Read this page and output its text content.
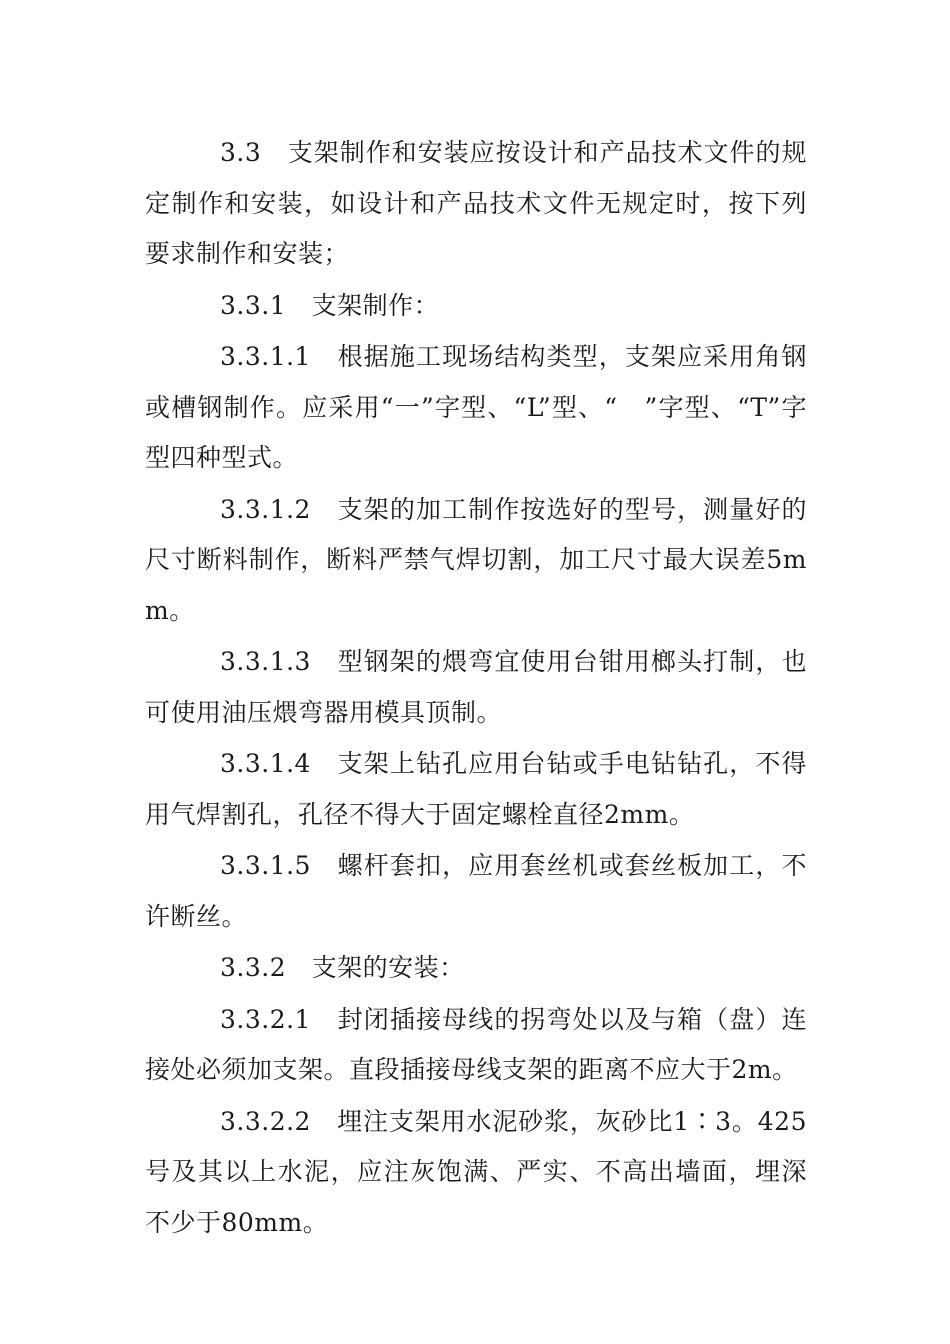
3.3　支架制作和安装应按设计和产品技术文件的规定制作和安装，如设计和产品技术文件无规定时，按下列要求制作和安装；

3.3.1　支架制作：

3.3.1.1　根据施工现场结构类型，支架应采用角钢或槽钢制作。应采用“一”字型、“L”型、“　”字型、“T”字型四种型式。

3.3.1.2　支架的加工制作按选好的型号，测量好的尺寸断料制作，断料严禁气焊切割，加工尺寸最大误差5mm。

3.3.1.3　型钢架的煨弯宜使用台钳用榔头打制，也可使用油压煨弯器用模具顶制。

3.3.1.4　支架上钻孔应用台钻或手电钻钻孔，不得用气焊割孔，孔径不得大于固定螺栓直径2mm。

3.3.1.5　螺杆套扣，应用套丝机或套丝板加工，不许断丝。

3.3.2　支架的安装：

3.3.2.1　封闭插接母线的拐弯处以及与箱（盘）连接处必须加支架。直段插接母线支架的距离不应大于2m。

3.3.2.2　埋注支架用水泥砂浆，灰砂比1∶3。425号及其以上水泥，应注灰饱满、严实、不高出墙面，埋深不少于80mm。
